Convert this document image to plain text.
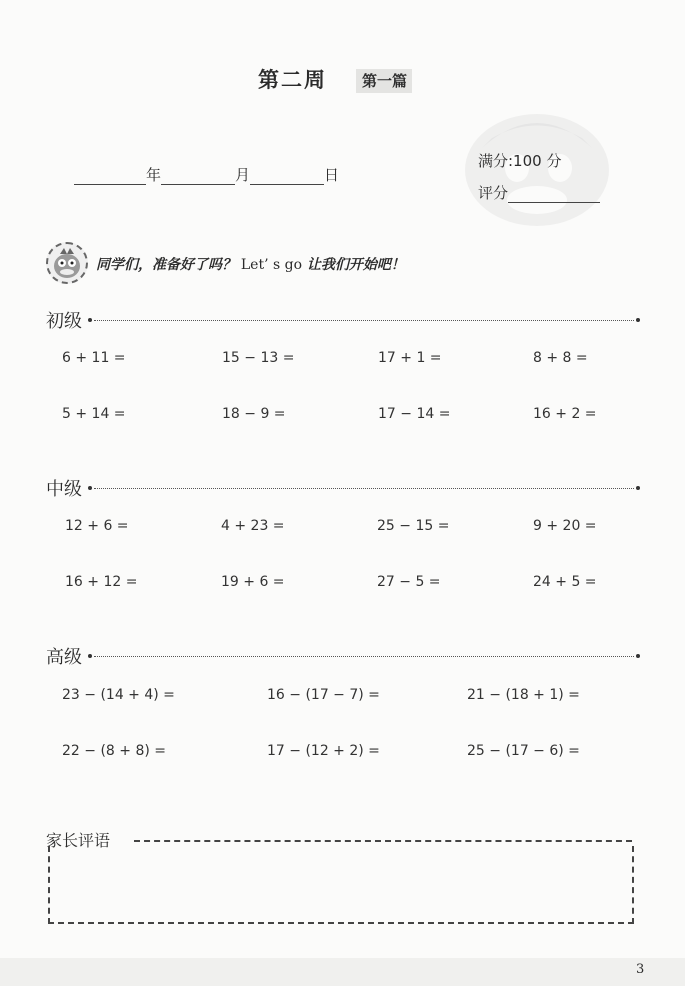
第二周	第一篇
年	月	日
满分:100 分
评分
同学们，准备好了吗？ Let’ s go 让我们开始吧！
初级
6 + 11 =	15 − 13 =	17 + 1 =	8 + 8 =
5 + 14 =	18 − 9 =	17 − 14 =	16 + 2 =
中级
12 + 6 =	4 + 23 =	25 − 15 =	9 + 20 =
16 + 12 =	19 + 6 =	27 − 5 =	24 + 5 =
高级
23 − (14 + 4) =	16 − (17 − 7) =	21 − (18 + 1) =
22 − (8 + 8) =	17 − (12 + 2) =	25 − (17 − 6) =
家长评语
3
